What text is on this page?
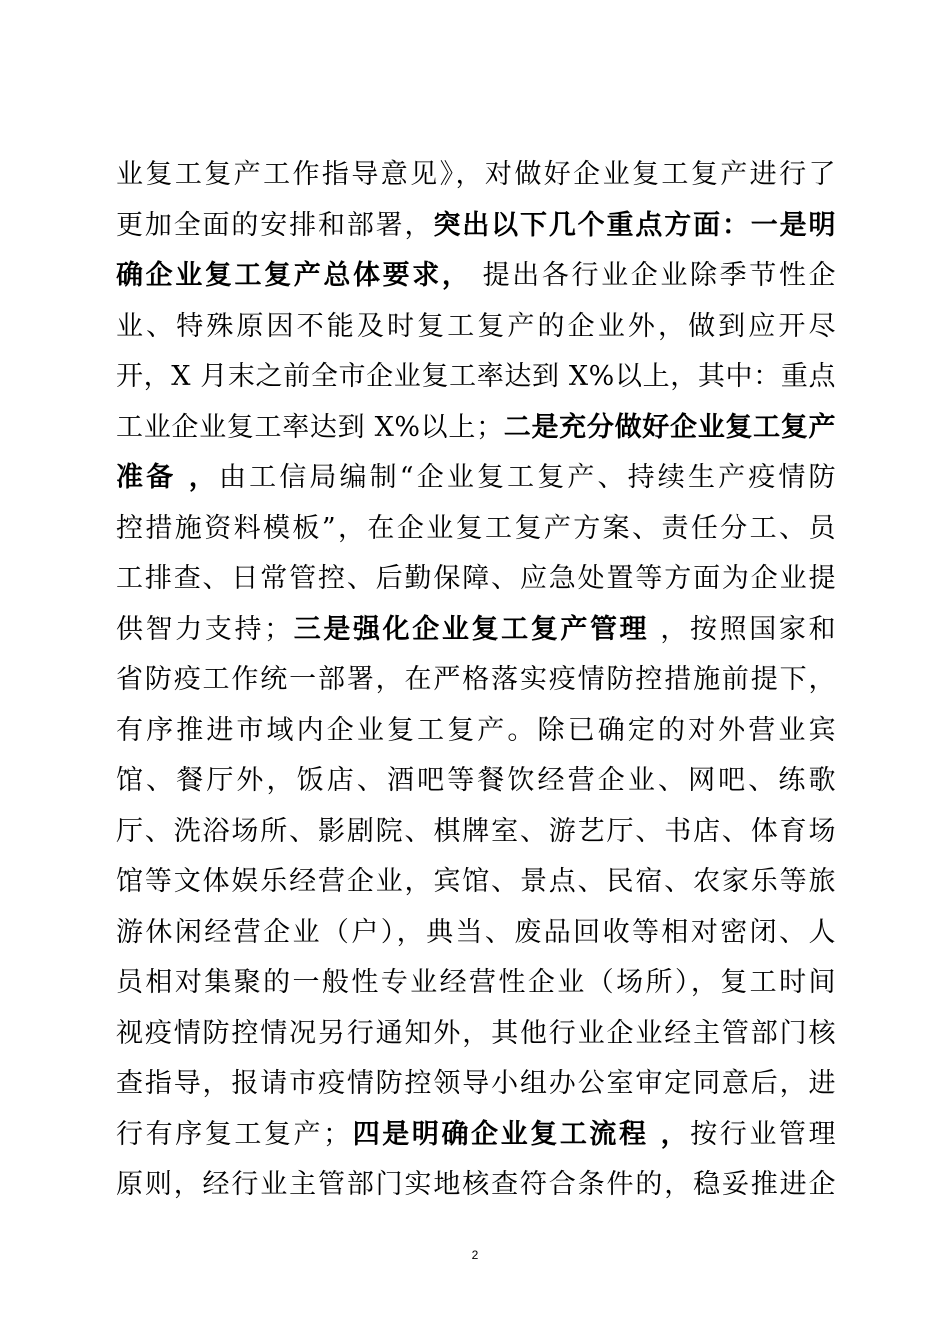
业复工复产工作指导意见》，对做好企业复工复产进行了
更加全面的安排和部署，突出以下几个重点方面：一是明
确企业复工复产总体要求， 提出各行业企业除季节性企
业、特殊原因不能及时复工复产的企业外，做到应开尽
开，X 月末之前全市企业复工率达到 X%以上，其中：重点
工业企业复工率达到 X%以上；二是充分做好企业复工复产
准备 ，由工信局编制“企业复工复产、持续生产疫情防
控措施资料模板”，在企业复工复产方案、责任分工、员
工排查、日常管控、后勤保障、应急处置等方面为企业提
供智力支持；三是强化企业复工复产管理 ，按照国家和
省防疫工作统一部署，在严格落实疫情防控措施前提下，
有序推进市域内企业复工复产。除已确定的对外营业宾
馆、餐厅外，饭店、酒吧等餐饮经营企业、网吧、练歌
厅、洗浴场所、影剧院、棋牌室、游艺厅、书店、体育场
馆等文体娱乐经营企业，宾馆、景点、民宿、农家乐等旅
游休闲经营企业（户），典当、废品回收等相对密闭、人
员相对集聚的一般性专业经营性企业（场所），复工时间
视疫情防控情况另行通知外，其他行业企业经主管部门核
查指导，报请市疫情防控领导小组办公室审定同意后，进
行有序复工复产；四是明确企业复工流程 ，按行业管理
原则，经行业主管部门实地核查符合条件的，稳妥推进企
2
